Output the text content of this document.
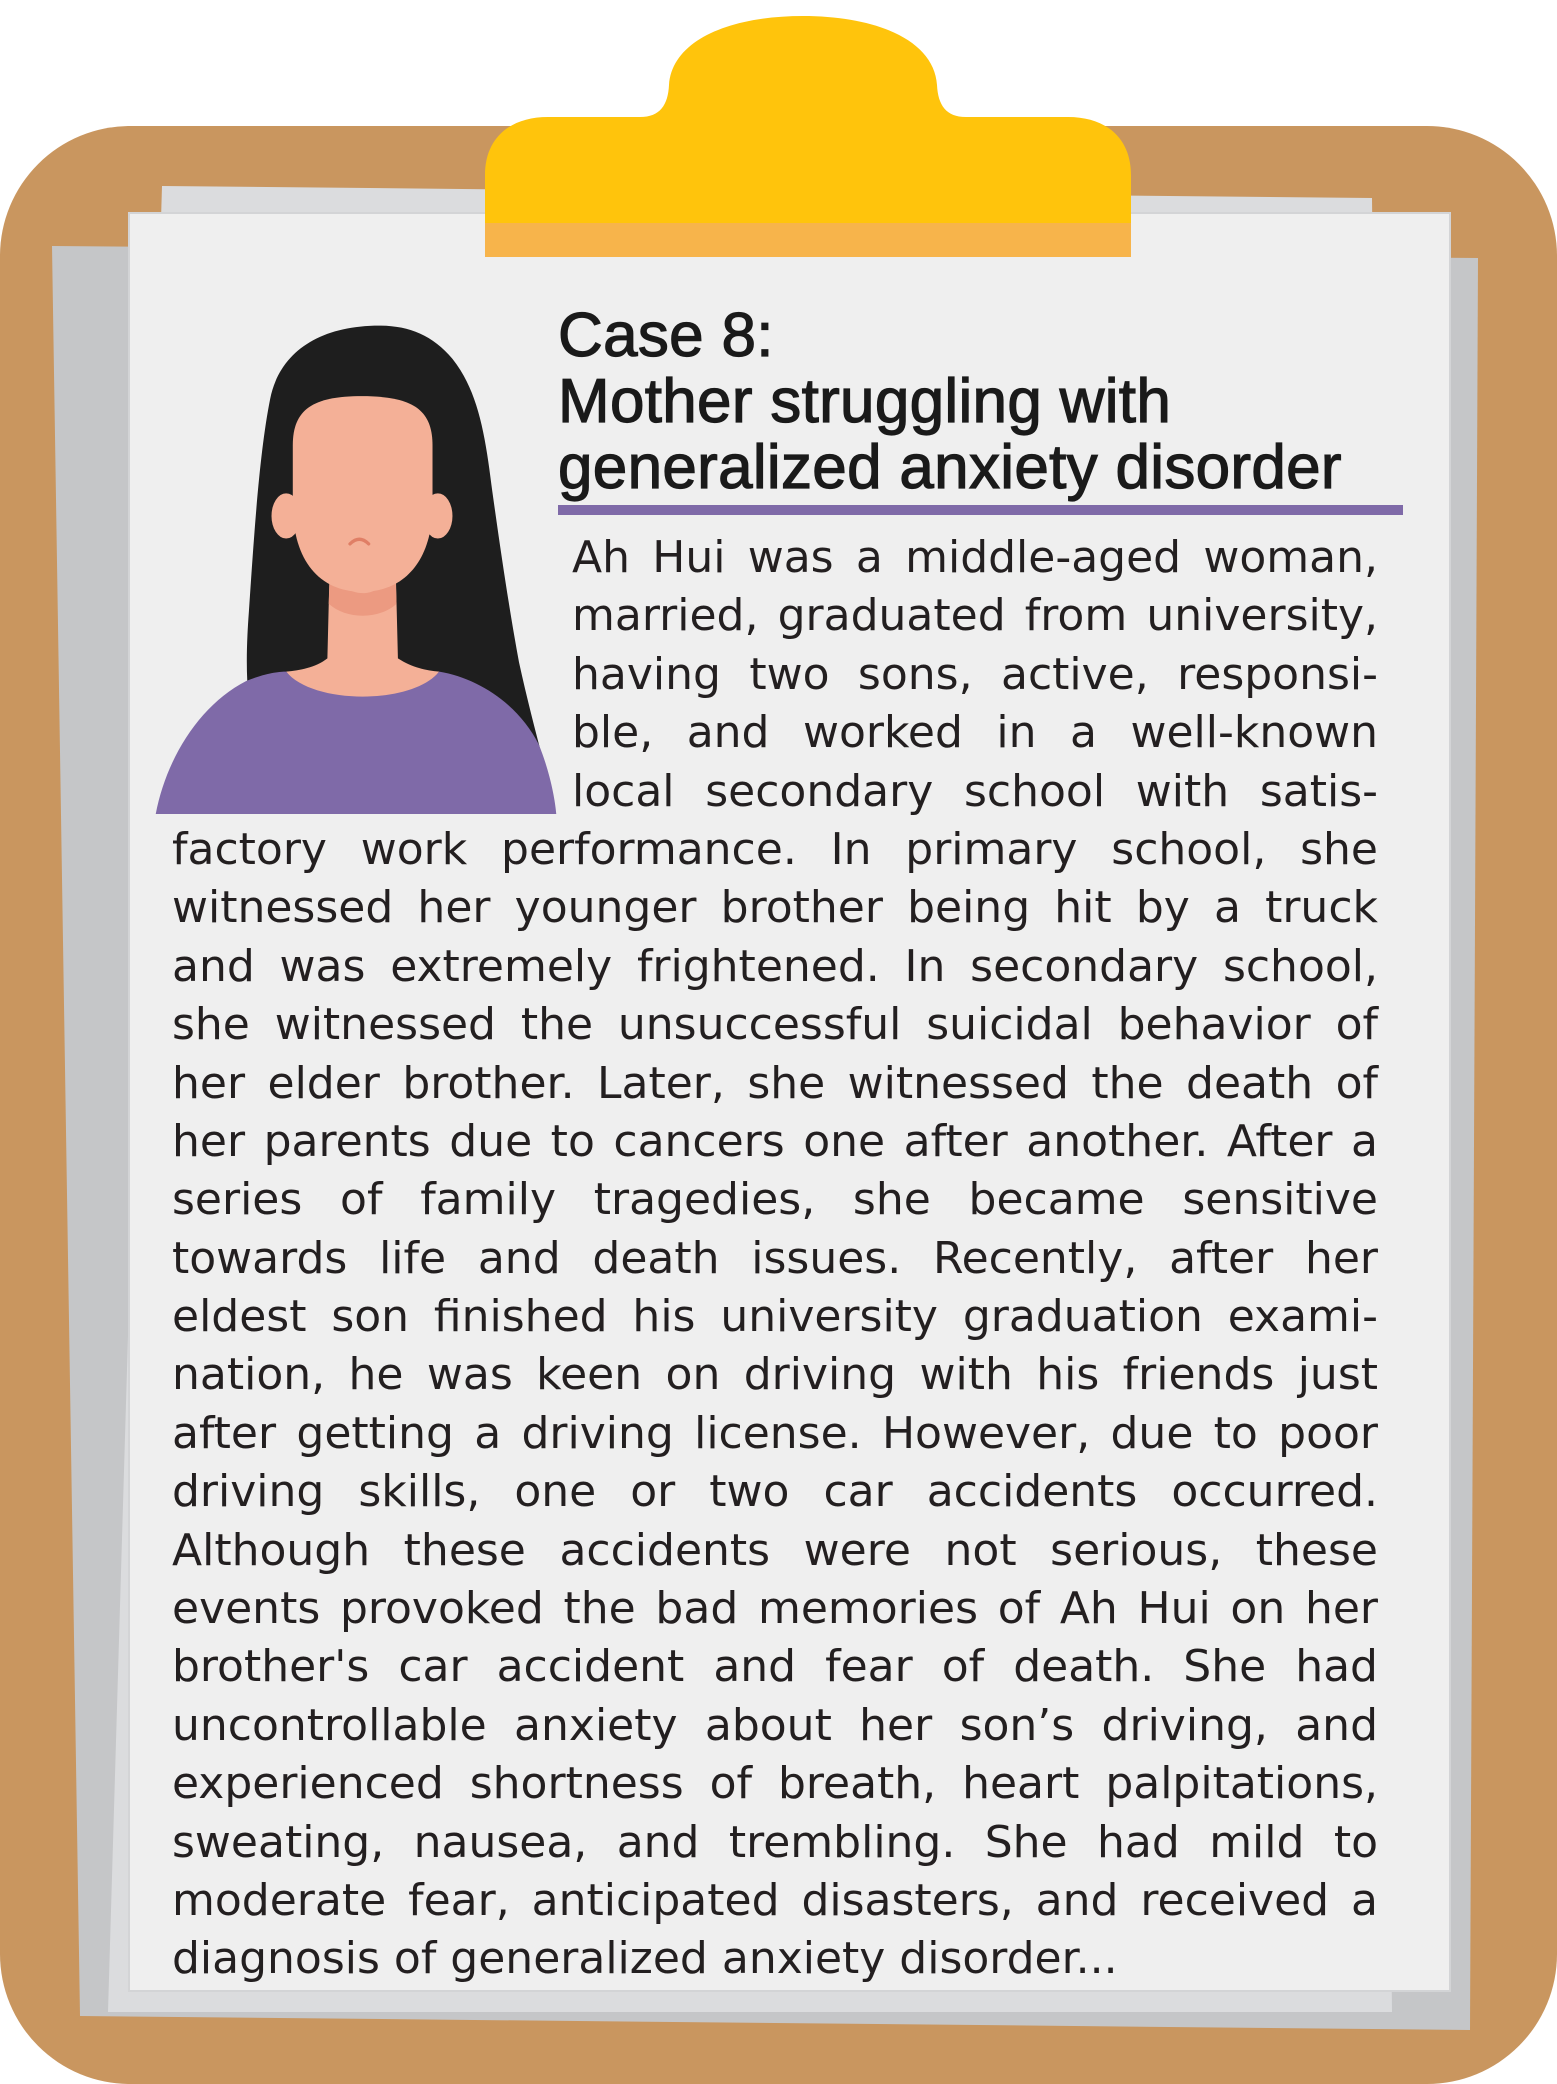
Case 8:
Mother struggling with
generalized anxiety disorder
Ah Hui was a middle-aged woman,
married, graduated from university,
having two sons, active, responsi-
ble, and worked in a well-known
local secondary school with satis-
factory work performance. In primary school, she
witnessed her younger brother being hit by a truck
and was extremely frightened. In secondary school,
she witnessed the unsuccessful suicidal behavior of
her elder brother. Later, she witnessed the death of
her parents due to cancers one after another. After a
series of family tragedies, she became sensitive
towards life and death issues. Recently, after her
eldest son finished his university graduation exami-
nation, he was keen on driving with his friends just
after getting a driving license. However, due to poor
driving skills, one or two car accidents occurred.
Although these accidents were not serious, these
events provoked the bad memories of Ah Hui on her
brother's car accident and fear of death. She had
uncontrollable anxiety about her son’s driving, and
experienced shortness of breath, heart palpitations,
sweating, nausea, and trembling. She had mild to
moderate fear, anticipated disasters, and received a
diagnosis of generalized anxiety disorder...
